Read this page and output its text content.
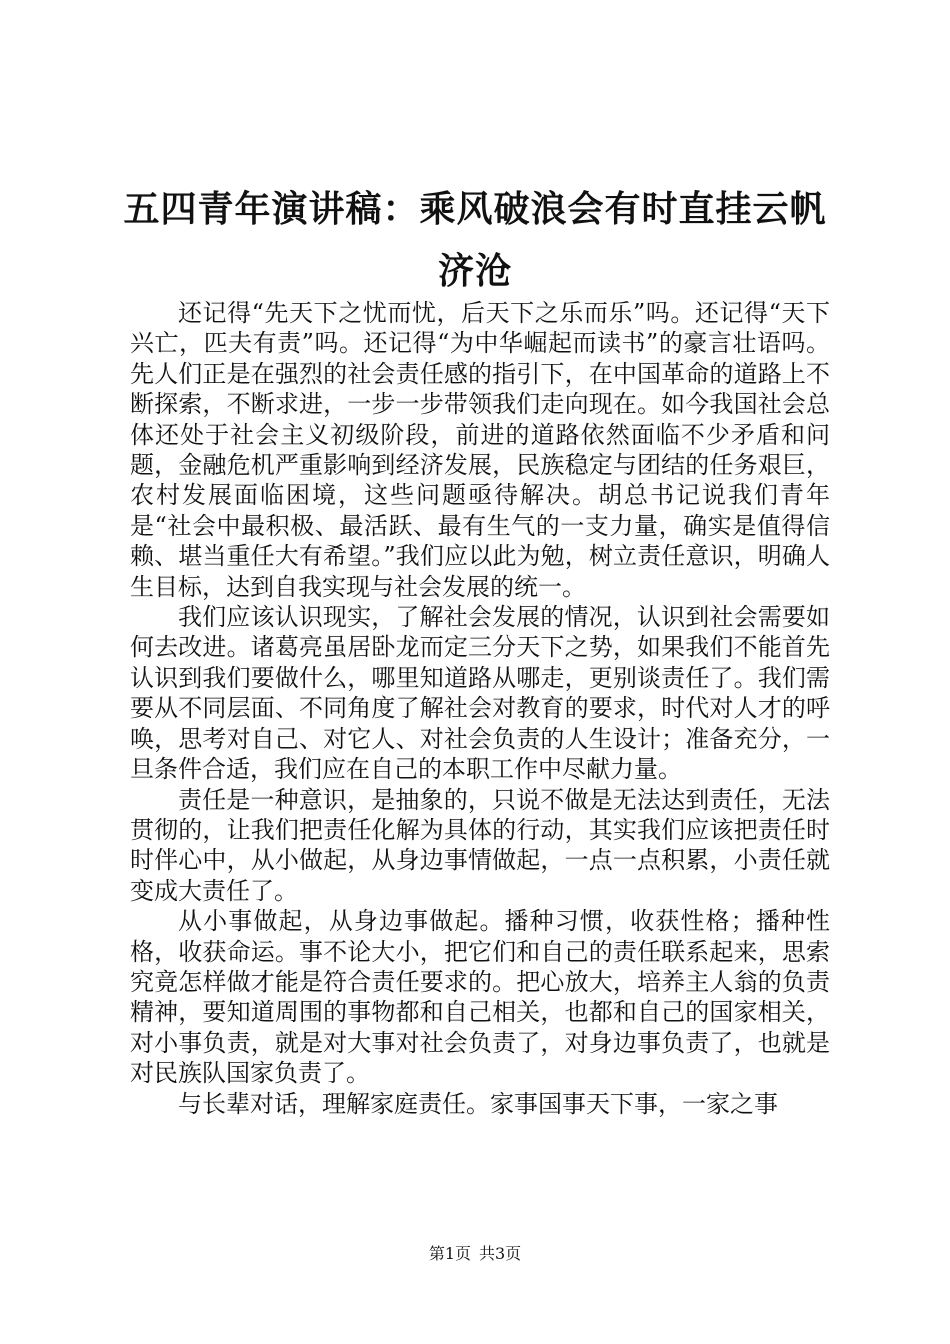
五四青年演讲稿：乘风破浪会有时直挂云帆济沧

还记得“先天下之忧而忧，后天下之乐而乐”吗。还记得“天下兴亡，匹夫有责”吗。还记得“为中华崛起而读书”的豪言壮语吗。先人们正是在强烈的社会责任感的指引下，在中国革命的道路上不断探索，不断求进，一步一步带领我们走向现在。如今我国社会总体还处于社会主义初级阶段，前进的道路依然面临不少矛盾和问题，金融危机严重影响到经济发展，民族稳定与团结的任务艰巨，农村发展面临困境，这些问题亟待解决。胡总书记说我们青年是“社会中最积极、最活跃、最有生气的一支力量，确实是值得信赖、堪当重任大有希望。”我们应以此为勉，树立责任意识，明确人生目标，达到自我实现与社会发展的统一。

我们应该认识现实，了解社会发展的情况，认识到社会需要如何去改进。诸葛亮虽居卧龙而定三分天下之势，如果我们不能首先认识到我们要做什么，哪里知道路从哪走，更别谈责任了。我们需要从不同层面、不同角度了解社会对教育的要求，时代对人才的呼唤，思考对自己、对它人、对社会负责的人生设计；准备充分，一旦条件合适，我们应在自己的本职工作中尽献力量。

责任是一种意识，是抽象的，只说不做是无法达到责任，无法贯彻的，让我们把责任化解为具体的行动，其实我们应该把责任时时伴心中，从小做起，从身边事情做起，一点一点积累，小责任就变成大责任了。

从小事做起，从身边事做起。播种习惯，收获性格；播种性格，收获命运。事不论大小，把它们和自己的责任联系起来，思索究竟怎样做才能是符合责任要求的。把心放大，培养主人翁的负责精神，要知道周围的事物都和自己相关，也都和自己的国家相关，对小事负责，就是对大事对社会负责了，对身边事负责了，也就是对民族队国家负责了。

与长辈对话，理解家庭责任。家事国事天下事，一家之事

第1页 共3页
